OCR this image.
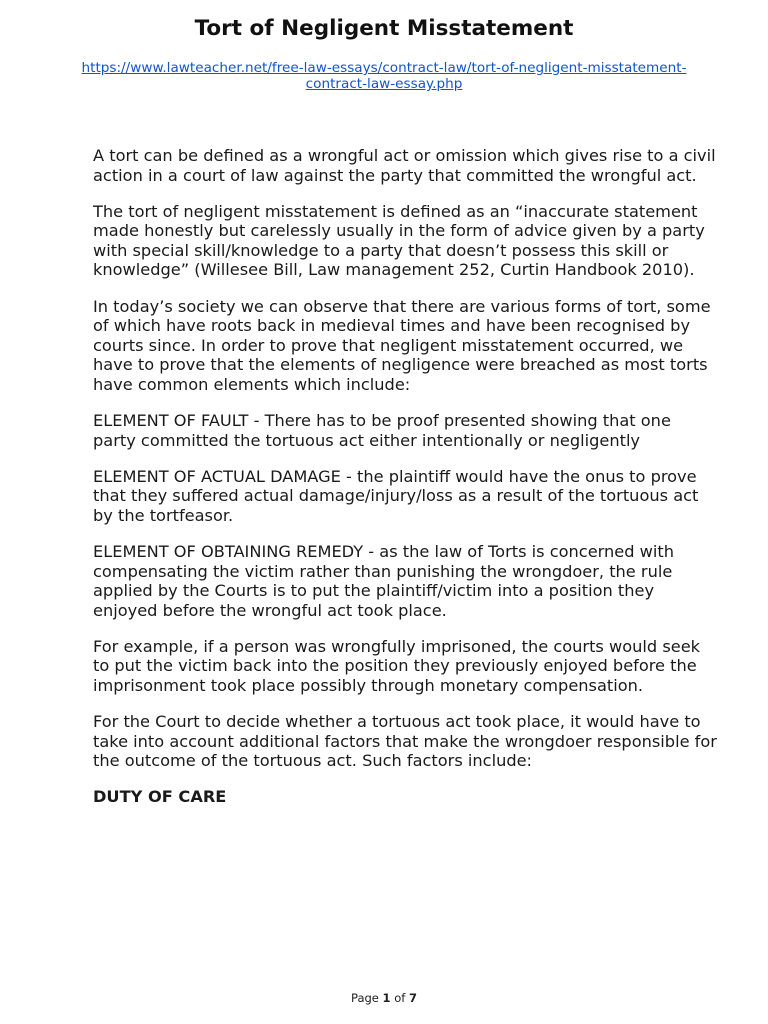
Tort of Negligent Misstatement
https://www.lawteacher.net/free-law-essays/contract-law/tort-of-negligent-misstatement-contract-law-essay.php

A tort can be defined as a wrongful act or omission which gives rise to a civil action in a court of law against the party that committed the wrongful act.

The tort of negligent misstatement is defined as an “inaccurate statement made honestly but carelessly usually in the form of advice given by a party with special skill/knowledge to a party that doesn’t possess this skill or knowledge” (Willesee Bill, Law management 252, Curtin Handbook 2010).

In today’s society we can observe that there are various forms of tort, some of which have roots back in medieval times and have been recognised by courts since. In order to prove that negligent misstatement occurred, we have to prove that the elements of negligence were breached as most torts have common elements which include:

ELEMENT OF FAULT - There has to be proof presented showing that one party committed the tortuous act either intentionally or negligently

ELEMENT OF ACTUAL DAMAGE - the plaintiff would have the onus to prove that they suffered actual damage/injury/loss as a result of the tortuous act by the tortfeasor.

ELEMENT OF OBTAINING REMEDY - as the law of Torts is concerned with compensating the victim rather than punishing the wrongdoer, the rule applied by the Courts is to put the plaintiff/victim into a position they enjoyed before the wrongful act took place.

For example, if a person was wrongfully imprisoned, the courts would seek to put the victim back into the position they previously enjoyed before the imprisonment took place possibly through monetary compensation.

For the Court to decide whether a tortuous act took place, it would have to take into account additional factors that make the wrongdoer responsible for the outcome of the tortuous act. Such factors include:

DUTY OF CARE

Page 1 of 7
